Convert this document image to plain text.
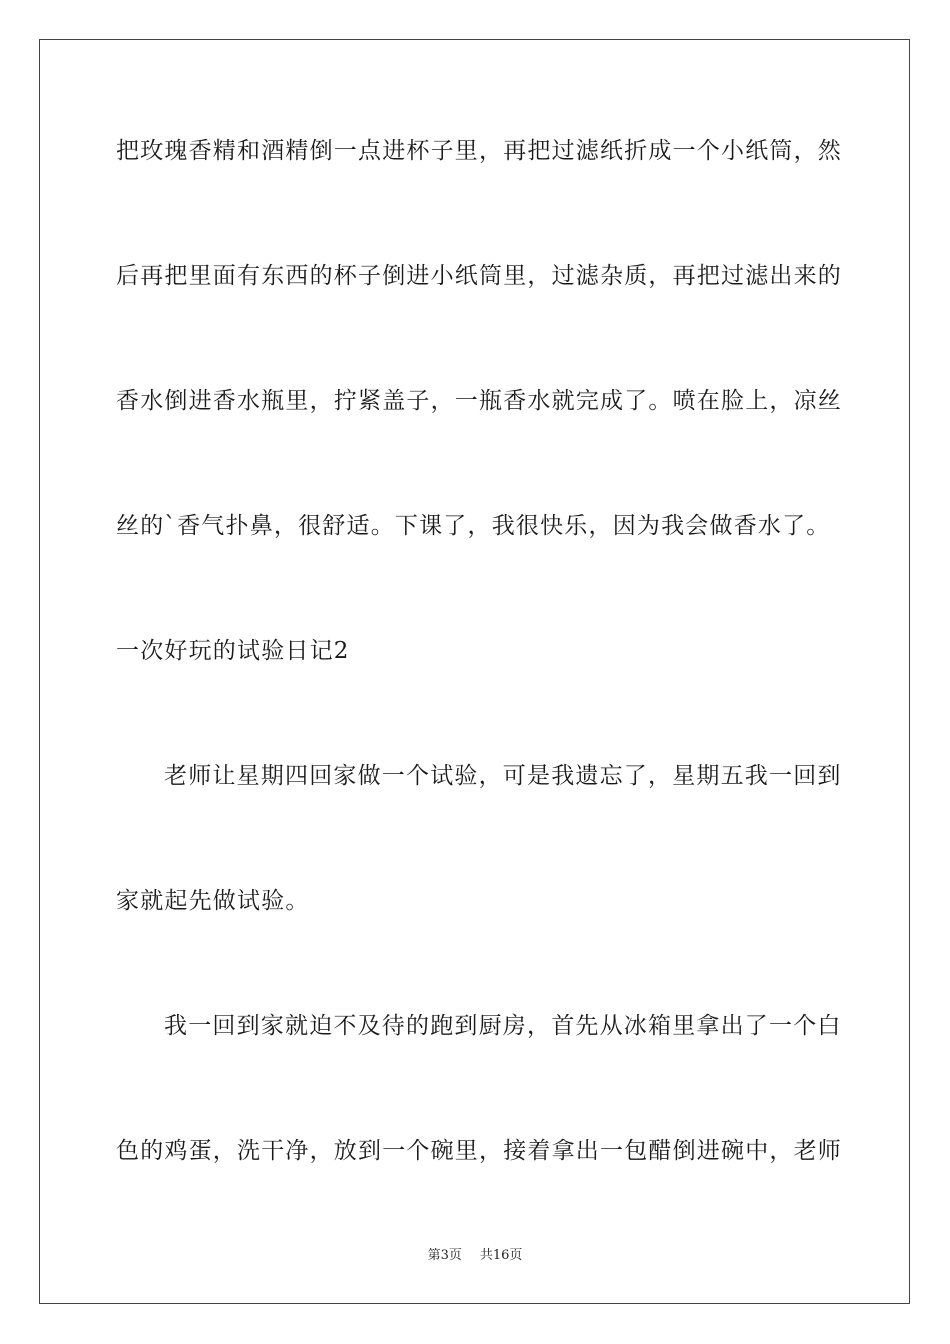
把玫瑰香精和酒精倒一点进杯子里，再把过滤纸折成一个小纸筒，然
后再把里面有东西的杯子倒进小纸筒里，过滤杂质，再把过滤出来的
香水倒进香水瓶里，拧紧盖子，一瓶香水就完成了。喷在脸上，凉丝
丝的`香气扑鼻，很舒适。下课了，我很快乐，因为我会做香水了。
一次好玩的试验日记2
老师让星期四回家做一个试验，可是我遗忘了，星期五我一回到
家就起先做试验。
我一回到家就迫不及待的跑到厨房，首先从冰箱里拿出了一个白
色的鸡蛋，洗干净，放到一个碗里，接着拿出一包醋倒进碗中，老师
第3页 共16页
